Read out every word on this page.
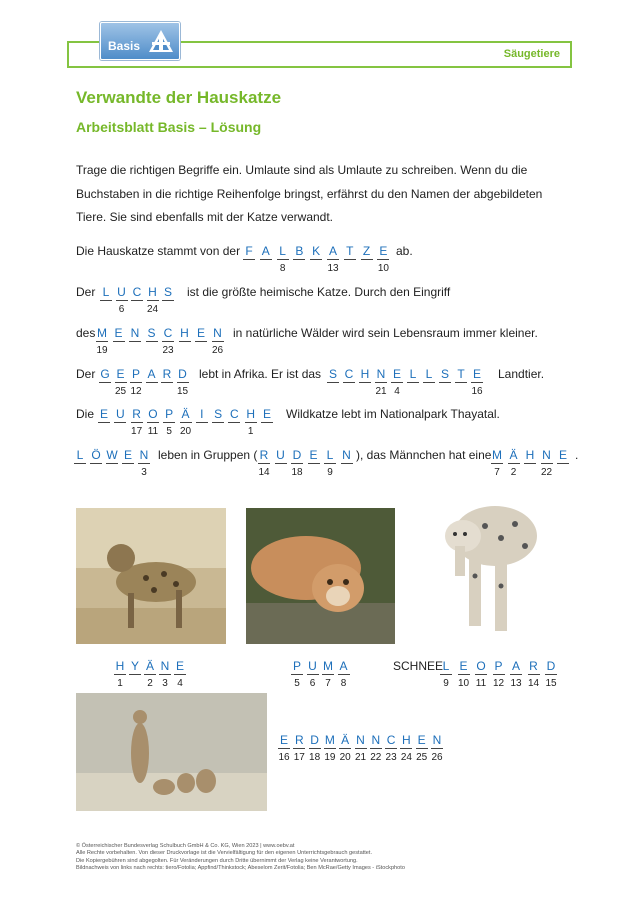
Säugetiere
Basis
Verwandte der Hauskatze
Arbeitsblatt Basis – Lösung

Trage die richtigen Begriffe ein. Umlaute sind als Umlaute zu schreiben. Wenn du die Buchstaben in die richtige Reihenfolge bringst, erfährst du den Namen der abgebildeten Tiere. Sie sind ebenfalls mit der Katze verwandt.

Die Hauskatze stammt von der F A L
8
B K A
13
T Z E
10
ab.
Der L U
6
C H
24
S	ist die größte heimische Katze. Durch den Eingriff
des M
19
E N S C
23
H E N
26
in natürliche Wälder wird sein Lebensraum immer kleiner.
Der G E
25
P
12
A R D
15
lebt in Afrika. Er ist das S C H N
21
E
4
L L S T E
16
Landtier.
Die E U R
17
O
11
P
5
Ä
20
I S C H
1
E	Wildkatze lebt im Nationalpark Thayatal.
L Ö W E N
3
leben in Gruppen ( R
14
U D
18
E L
9
N ), das Männchen hat eine M
7
Ä
2
H N
22
E .
H
1
Y Ä
2
N
3
E
4
P
5
U
6
M
7
A
8
SCHNEE L
9
E
10
O
11
P
12
A
13
R
14
D
15
E
16
R
17
D
18
M
19
Ä
20
N
21
N
22
C
23
H
24
E
25
N
26
© Österreichischer Bundesverlag Schulbuch GmbH & Co. KG, Wien 2023 | www.oebv.at
Alle Rechte vorbehalten. Von dieser Druckvorlage ist die Vervielfältigung für den eigenen Unterrichtsgebrauch gestattet.
Die Kopiergebühren sind abgegolten. Für Veränderungen durch Dritte übernimmt der Verlag keine Verantwortung.
Bildnachweis von links nach rechts: tiero/Fotolia; Appfind/Thinkstock; Abeselom Zerit/Fotolia; Ben McRae/Getty Images - iStockphoto
